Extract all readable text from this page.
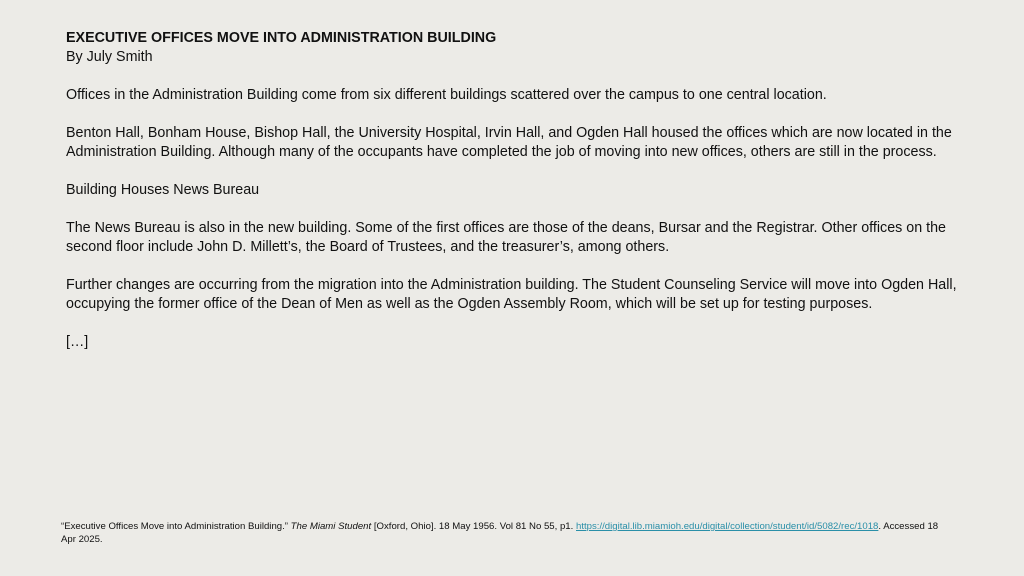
EXECUTIVE OFFICES MOVE INTO ADMINISTRATION BUILDING

By July Smith

Offices in the Administration Building come from six different buildings scattered over the campus to one central location.

Benton Hall, Bonham House, Bishop Hall, the University Hospital, Irvin Hall, and Ogden Hall housed the offices which are now located in the Administration Building. Although many of the occupants have completed the job of moving into new offices, others are still in the process.

Building Houses News Bureau

The News Bureau is also in the new building. Some of the first offices are those of the deans, Bursar and the Registrar. Other offices on the second floor include John D. Millett’s, the Board of Trustees, and the treasurer’s, among others.

Further changes are occurring from the migration into the Administration building. The Student Counseling Service will move into Ogden Hall, occupying the former office of the Dean of Men as well as the Ogden Assembly Room, which will be set up for testing purposes.

[…]

“Executive Offices Move into Administration Building.” The Miami Student [Oxford, Ohio]. 18 May 1956. Vol 81 No 55, p1. https://digital.lib.miamioh.edu/digital/collection/student/id/5082/rec/1018. Accessed 18 Apr 2025.
